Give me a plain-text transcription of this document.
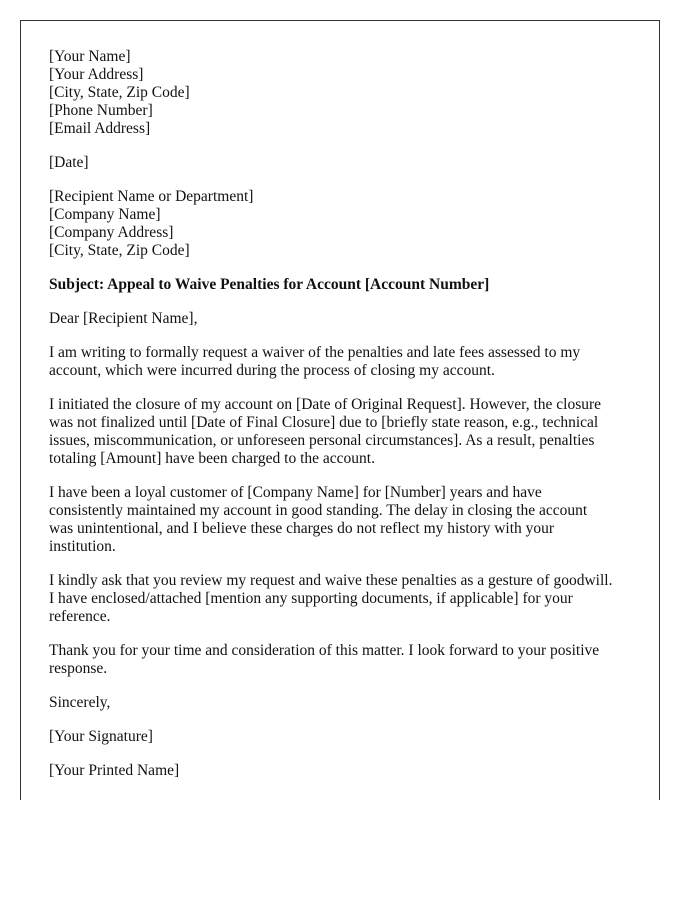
[Your Name]
[Your Address]
[City, State, Zip Code]
[Phone Number]
[Email Address]
[Date]
[Recipient Name or Department]
[Company Name]
[Company Address]
[City, State, Zip Code]
Subject: Appeal to Waive Penalties for Account [Account Number]
Dear [Recipient Name],
I am writing to formally request a waiver of the penalties and late fees assessed to my
account, which were incurred during the process of closing my account.
I initiated the closure of my account on [Date of Original Request]. However, the closure
was not finalized until [Date of Final Closure] due to [briefly state reason, e.g., technical
issues, miscommunication, or unforeseen personal circumstances]. As a result, penalties
totaling [Amount] have been charged to the account.
I have been a loyal customer of [Company Name] for [Number] years and have
consistently maintained my account in good standing. The delay in closing the account
was unintentional, and I believe these charges do not reflect my history with your
institution.
I kindly ask that you review my request and waive these penalties as a gesture of goodwill.
I have enclosed/attached [mention any supporting documents, if applicable] for your
reference.
Thank you for your time and consideration of this matter. I look forward to your positive
response.
Sincerely,
[Your Signature]
[Your Printed Name]
